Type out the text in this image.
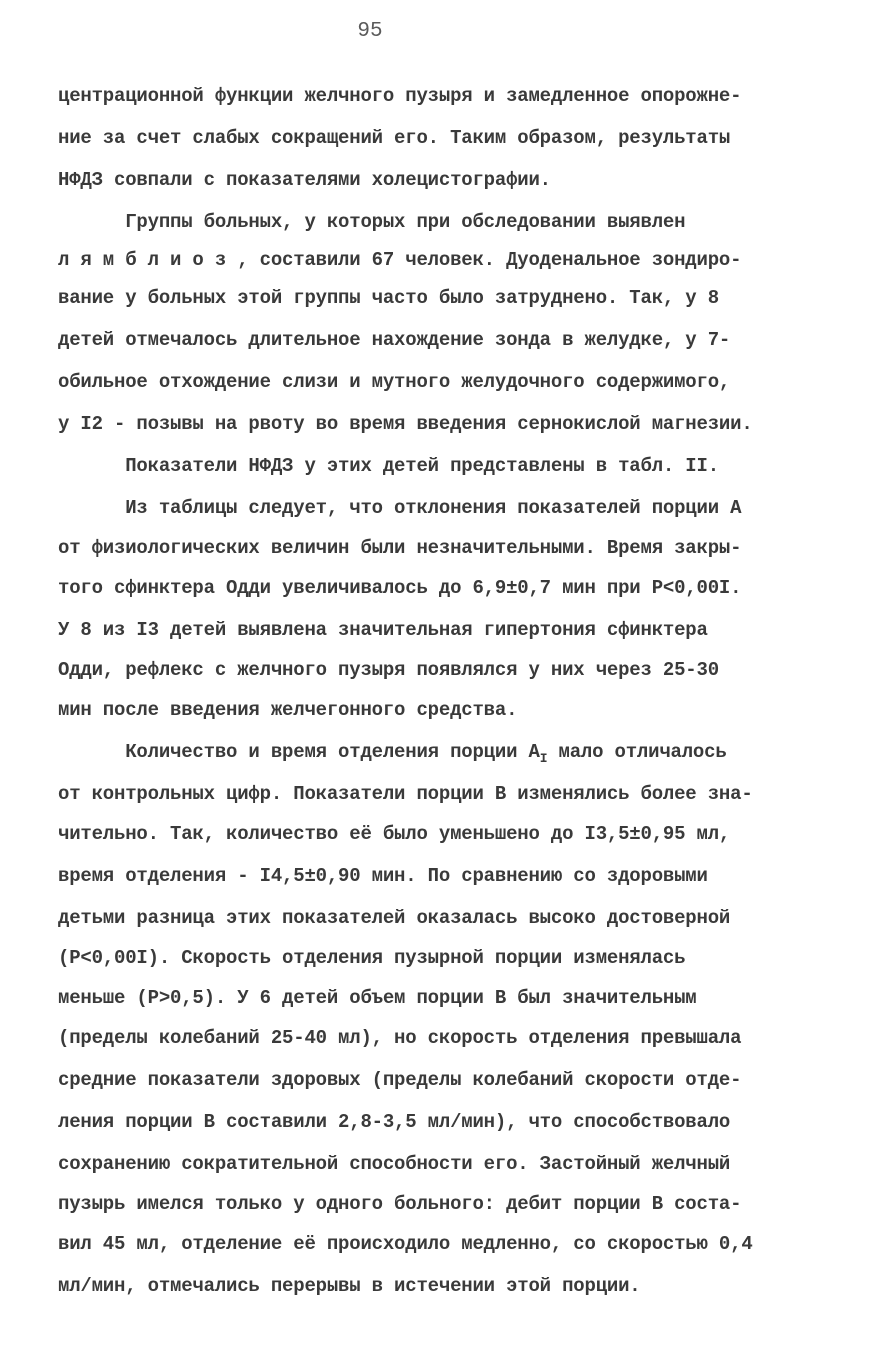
95

центрационной функции желчного пузыря и замедленное опорожне-

ние за счет слабых сокращений его. Таким образом, результаты

НФДЗ совпали с показателями холецистографии.

Группы больных, у которых при обследовании выявлен

л я м б л и о з , составили 67 человек. Дуоденальное зондиро-

вание у больных этой группы часто было затруднено. Так, у 8

детей отмечалось длительное нахождение зонда в желудке, у 7-

обильное отхождение слизи и мутного желудочного содержимого,

у I2 - позывы на рвоту во время введения сернокислой магнезии.

Показатели НФДЗ у этих детей представлены в табл. II.

Из таблицы следует, что отклонения показателей порции А

от физиологических величин были незначительными. Время закры-

того сфинктера Одди увеличивалось до 6,9±0,7 мин при P<0,00I.

У 8 из I3 детей выявлена значительная гипертония сфинктера

Одди, рефлекс с желчного пузыря появлялся у них через 25-30

мин после введения желчегонного средства.

Количество и время отделения порции $А_I$ мало отличалось

от контрольных цифр. Показатели порции В изменялись более зна-

чительно. Так, количество её было уменьшено до I3,5±0,95 мл,

время отделения - I4,5±0,90 мин. По сравнению со здоровыми

детьми разница этих показателей оказалась высоко достоверной

(P<0,00I). Скорость отделения пузырной порции изменялась

меньше (P>0,5). У 6 детей объем порции В был значительным

(пределы колебаний 25-40 мл), но скорость отделения превышала

средние показатели здоровых (пределы колебаний скорости отде-

ления порции В составили 2,8-3,5 мл/мин), что способствовало

сохранению сократительной способности его. Застойный желчный

пузырь имелся только у одного больного: дебит порции В соста-

вил 45 мл, отделение её происходило медленно, со скоростью 0,4

мл/мин, отмечались перерывы в истечении этой порции.
